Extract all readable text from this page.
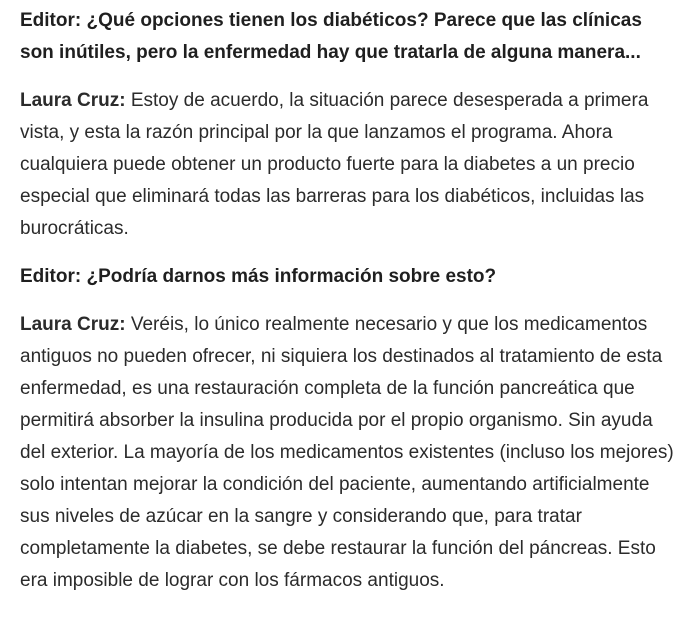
Editor: ¿Qué opciones tienen los diabéticos? Parece que las clínicas son inútiles, pero la enfermedad hay que tratarla de alguna manera...

Laura Cruz: Estoy de acuerdo, la situación parece desesperada a primera vista, y esta la razón principal por la que lanzamos el programa. Ahora cualquiera puede obtener un producto fuerte para la diabetes a un precio especial que eliminará todas las barreras para los diabéticos, incluidas las burocráticas.

Editor: ¿Podría darnos más información sobre esto?

Laura Cruz: Veréis, lo único realmente necesario y que los medicamentos antiguos no pueden ofrecer, ni siquiera los destinados al tratamiento de esta enfermedad, es una restauración completa de la función pancreática que permitirá absorber la insulina producida por el propio organismo. Sin ayuda del exterior. La mayoría de los medicamentos existentes (incluso los mejores) solo intentan mejorar la condición del paciente, aumentando artificialmente sus niveles de azúcar en la sangre y considerando que, para tratar completamente la diabetes, se debe restaurar la función del páncreas. Esto era imposible de lograr con los fármacos antiguos.
